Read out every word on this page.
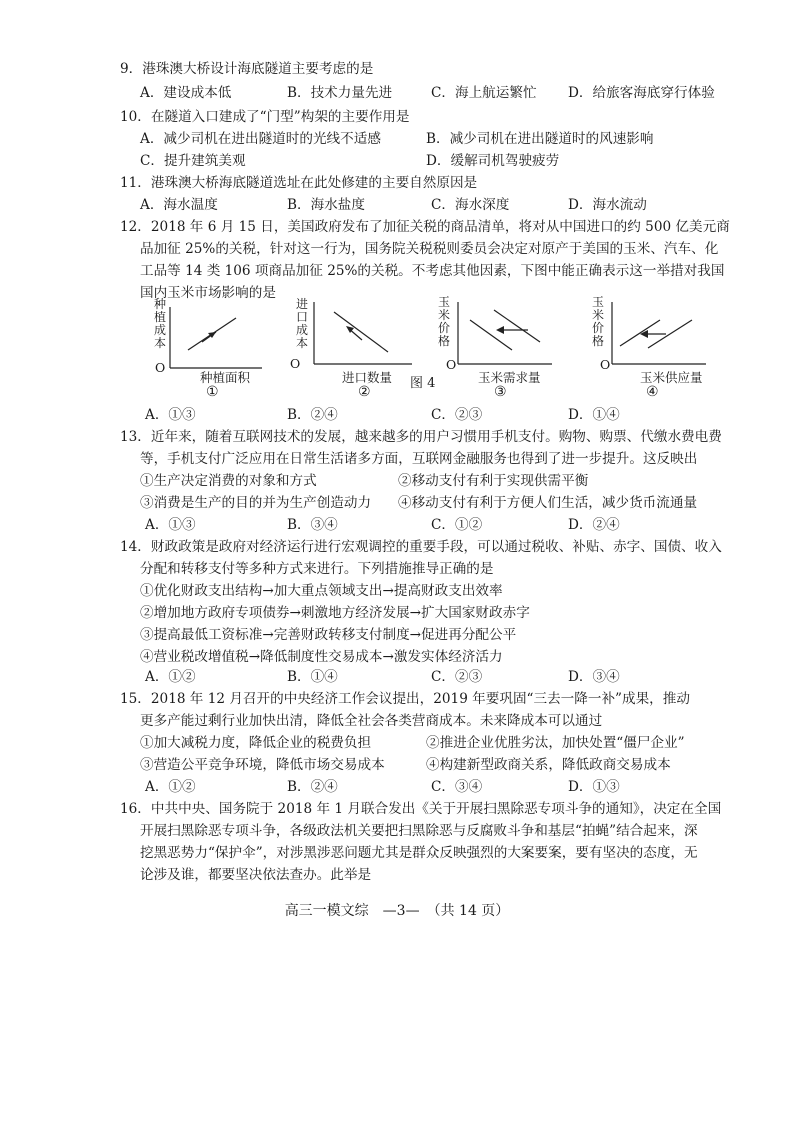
9．港珠澳大桥设计海底隧道主要考虑的是
A．建设成本低	B．技术力量先进	C．海上航运繁忙 D．给旅客海底穿行体验
10．在隧道入口建成了“门型”构架的主要作用是
A．减少司机在进出隧道时的光线不适感	B．减少司机在进出隧道时的风速影响
C．提升建筑美观	D．缓解司机驾驶疲劳
11．港珠澳大桥海底隧道选址在此处修建的主要自然原因是
A．海水温度	B．海水盐度	C．海水深度	D．海水流动
12．2018 年 6 月 15 日，美国政府发布了加征关税的商品清单，将对从中国进口的约 500 亿美元商
品加征 25%的关税，针对这一行为，国务院关税税则委员会决定对原产于美国的玉米、汽车、化
工品等 14 类 106 项商品加征 25%的关税。不考虑其他因素，下图中能正确表示这一举措对我国
国内玉米市场影响的是
种
植
成
本
O
种植面积
①
进
口
成
本
进口数量
②
图 4
玉
米
价
格
O
玉米需求量
③
玉
米
价
格
O
玉米供应量
④
O
A．①③	B．②④	C．②③	D．①④
13．近年来，随着互联网技术的发展，越来越多的用户习惯用手机支付。购物、购票、代缴水费电费
等，手机支付广泛应用在日常生活诸多方面，互联网金融服务也得到了进一步提升。这反映出
①生产决定消费的对象和方式	②移动支付有利于实现供需平衡
③消费是生产的目的并为生产创造动力 ④移动支付有利于方便人们生活，减少货币流通量
A．①③	B．③④	C．①②	D．②④
14．财政政策是政府对经济运行进行宏观调控的重要手段，可以通过税收、补贴、赤字、国债、收入
分配和转移支付等多种方式来进行。下列措施推导正确的是
①优化财政支出结构→加大重点领域支出→提高财政支出效率
②增加地方政府专项债券→刺激地方经济发展→扩大国家财政赤字
③提高最低工资标准→完善财政转移支付制度→促进再分配公平
④营业税改增值税→降低制度性交易成本→激发实体经济活力
A．①②	B．①④	C．②③	D．③④
15．2018 年 12 月召开的中央经济工作会议提出，2019 年要巩固“三去一降一补”成果，推动
更多产能过剩行业加快出清，降低全社会各类营商成本。未来降成本可以通过
①加大减税力度，降低企业的税费负担	②推进企业优胜劣汰，加快处置“僵尸企业”
③营造公平竞争环境，降低市场交易成本	④构建新型政商关系，降低政商交易成本
A．①②	B．②④	C．③④	D．①③
16．中共中央、国务院于 2018 年 1 月联合发出《关于开展扫黑除恶专项斗争的通知》，决定在全国
开展扫黑除恶专项斗争，各级政法机关要把扫黑除恶与反腐败斗争和基层“拍蝇”结合起来，深
挖黑恶势力“保护伞”，对涉黑涉恶问题尤其是群众反映强烈的大案要案，要有坚决的态度，无
论涉及谁，都要坚决依法查办。此举是
高三一模文综　—3—　（共 14 页）
